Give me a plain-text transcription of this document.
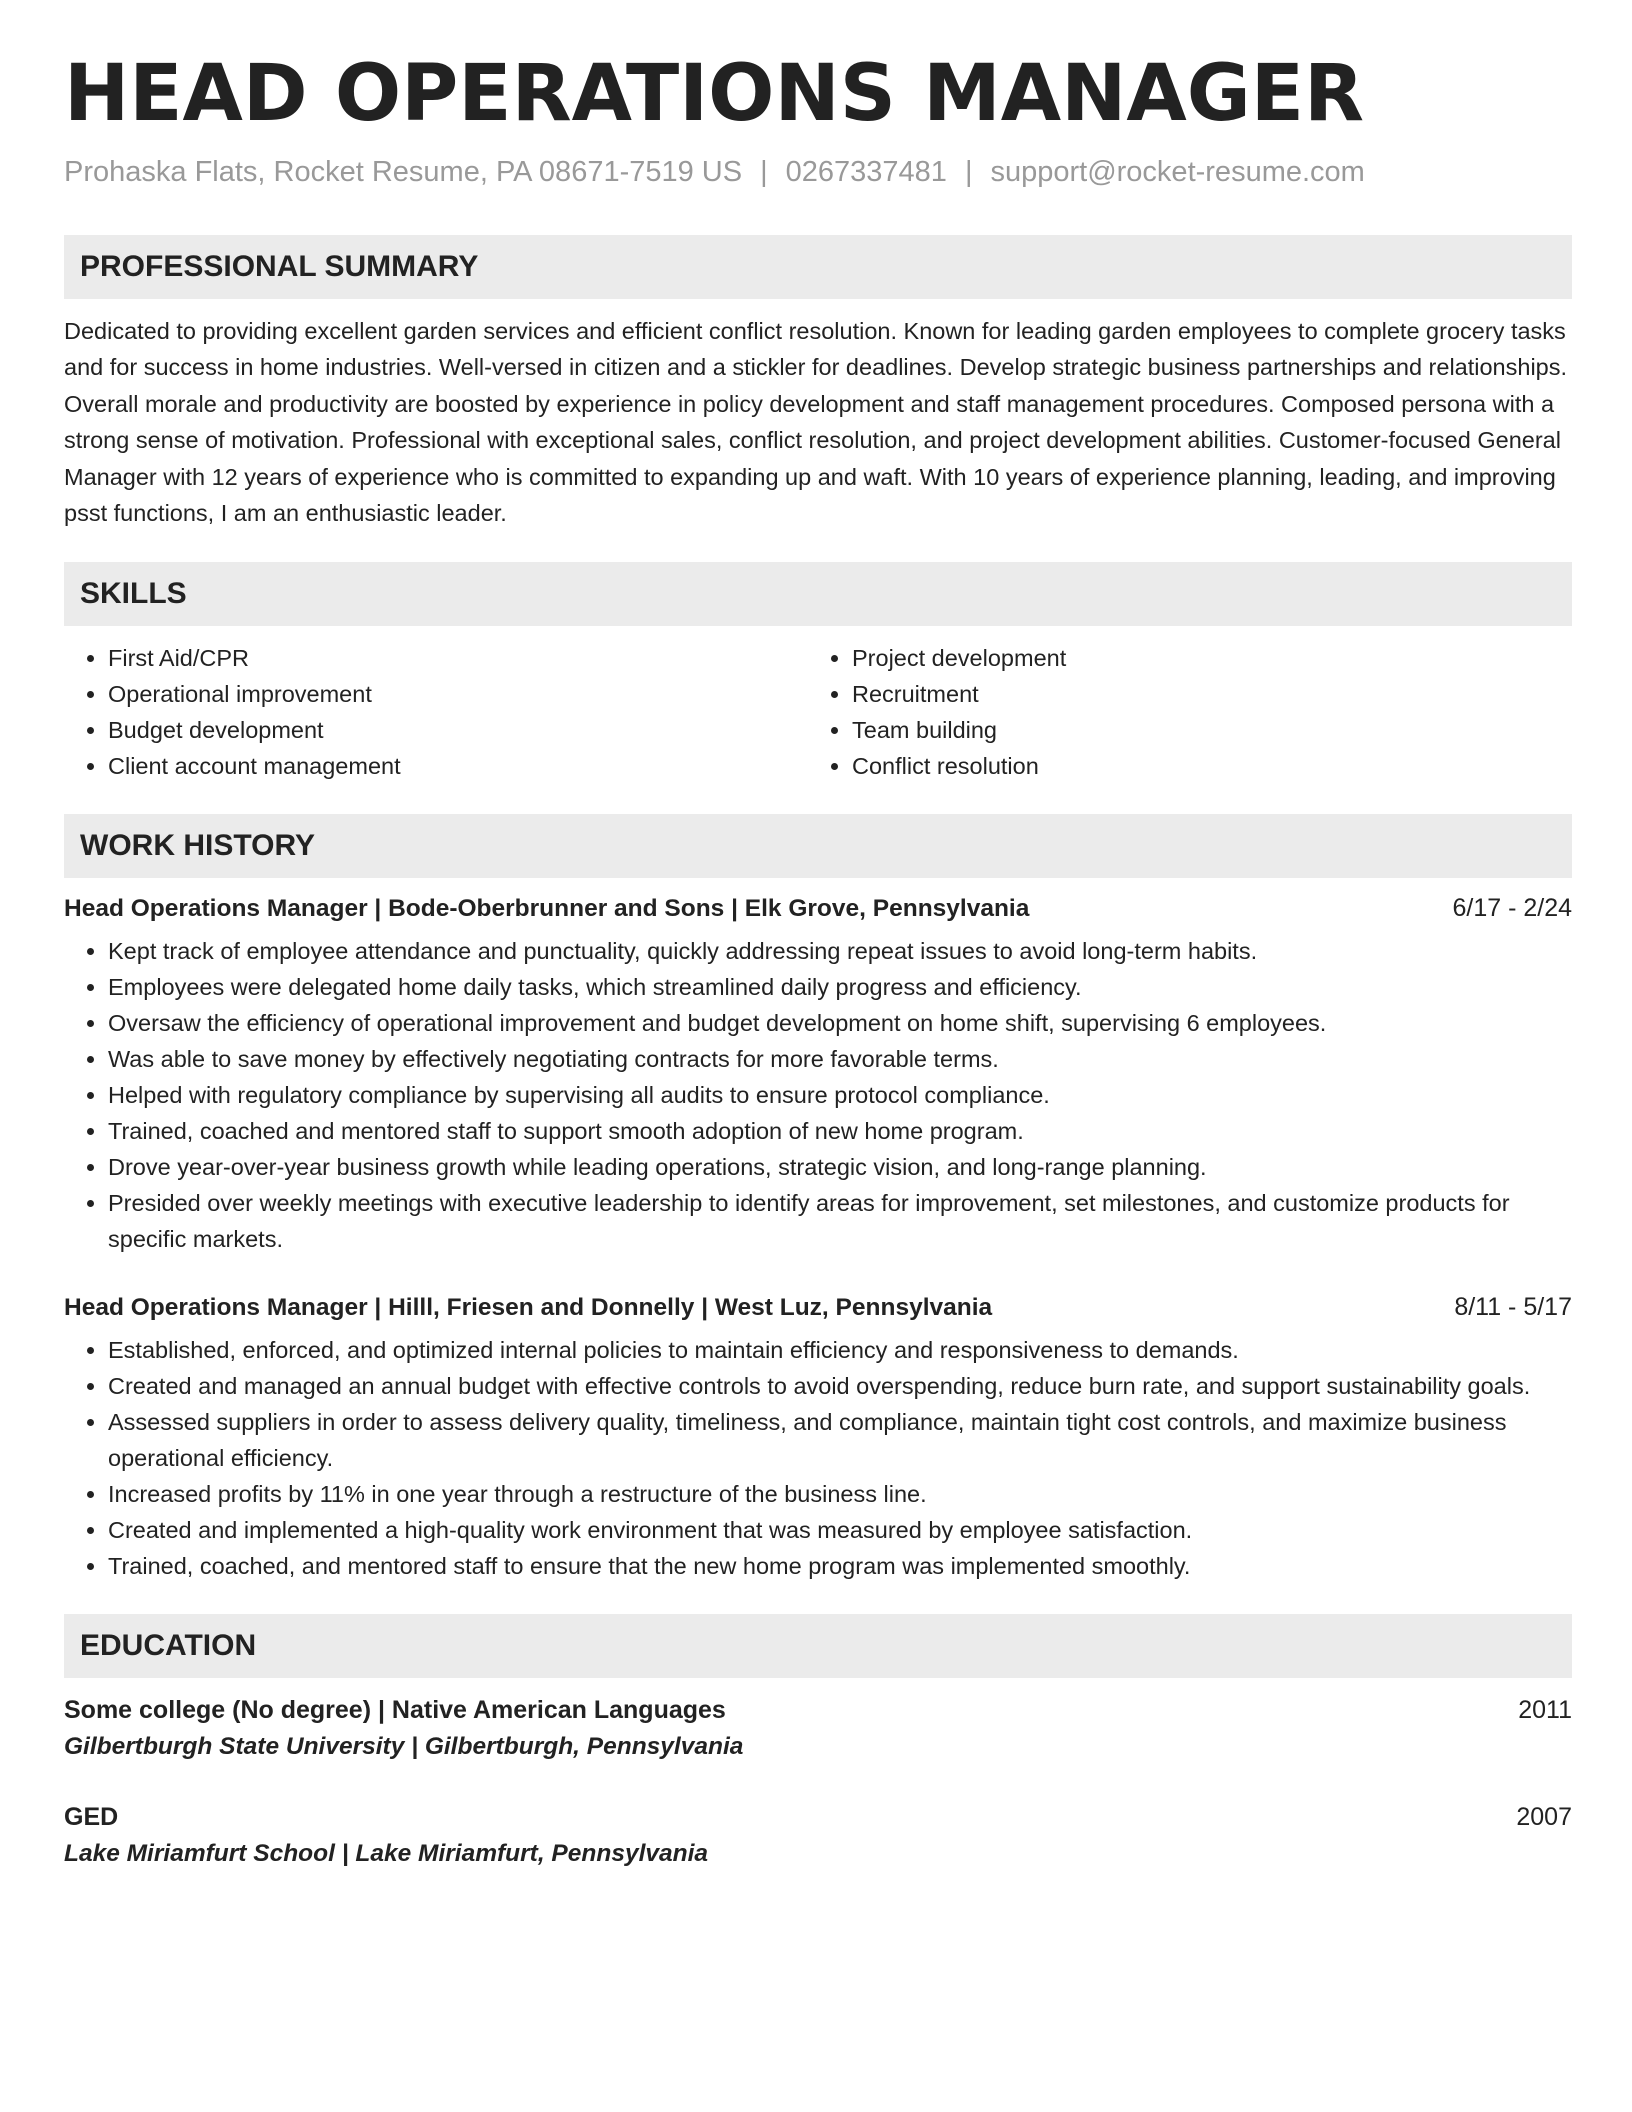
HEAD OPERATIONS MANAGER
Prohaska Flats, Rocket Resume, PA 08671-7519 US | 0267337481 | support@rocket-resume.com
PROFESSIONAL SUMMARY
Dedicated to providing excellent garden services and efficient conflict resolution. Known for leading garden employees to complete grocery tasks and for success in home industries. Well-versed in citizen and a stickler for deadlines. Develop strategic business partnerships and relationships. Overall morale and productivity are boosted by experience in policy development and staff management procedures. Composed persona with a strong sense of motivation. Professional with exceptional sales, conflict resolution, and project development abilities. Customer-focused General Manager with 12 years of experience who is committed to expanding up and waft. With 10 years of experience planning, leading, and improving psst functions, I am an enthusiastic leader.
SKILLS
• First Aid/CPR
• Operational improvement
• Budget development
• Client account management
• Project development
• Recruitment
• Team building
• Conflict resolution
WORK HISTORY
Head Operations Manager | Bode-Oberbrunner and Sons | Elk Grove, Pennsylvania	6/17 - 2/24
• Kept track of employee attendance and punctuality, quickly addressing repeat issues to avoid long-term habits.
• Employees were delegated home daily tasks, which streamlined daily progress and efficiency.
• Oversaw the efficiency of operational improvement and budget development on home shift, supervising 6 employees.
• Was able to save money by effectively negotiating contracts for more favorable terms.
• Helped with regulatory compliance by supervising all audits to ensure protocol compliance.
• Trained, coached and mentored staff to support smooth adoption of new home program.
• Drove year-over-year business growth while leading operations, strategic vision, and long-range planning.
• Presided over weekly meetings with executive leadership to identify areas for improvement, set milestones, and customize products for specific markets.
Head Operations Manager | Hilll, Friesen and Donnelly | West Luz, Pennsylvania	8/11 - 5/17
• Established, enforced, and optimized internal policies to maintain efficiency and responsiveness to demands.
• Created and managed an annual budget with effective controls to avoid overspending, reduce burn rate, and support sustainability goals.
• Assessed suppliers in order to assess delivery quality, timeliness, and compliance, maintain tight cost controls, and maximize business operational efficiency.
• Increased profits by 11% in one year through a restructure of the business line.
• Created and implemented a high-quality work environment that was measured by employee satisfaction.
• Trained, coached, and mentored staff to ensure that the new home program was implemented smoothly.
EDUCATION
Some college (No degree) | Native American Languages	2011
Gilbertburgh State University | Gilbertburgh, Pennsylvania
GED	2007
Lake Miriamfurt School | Lake Miriamfurt, Pennsylvania
